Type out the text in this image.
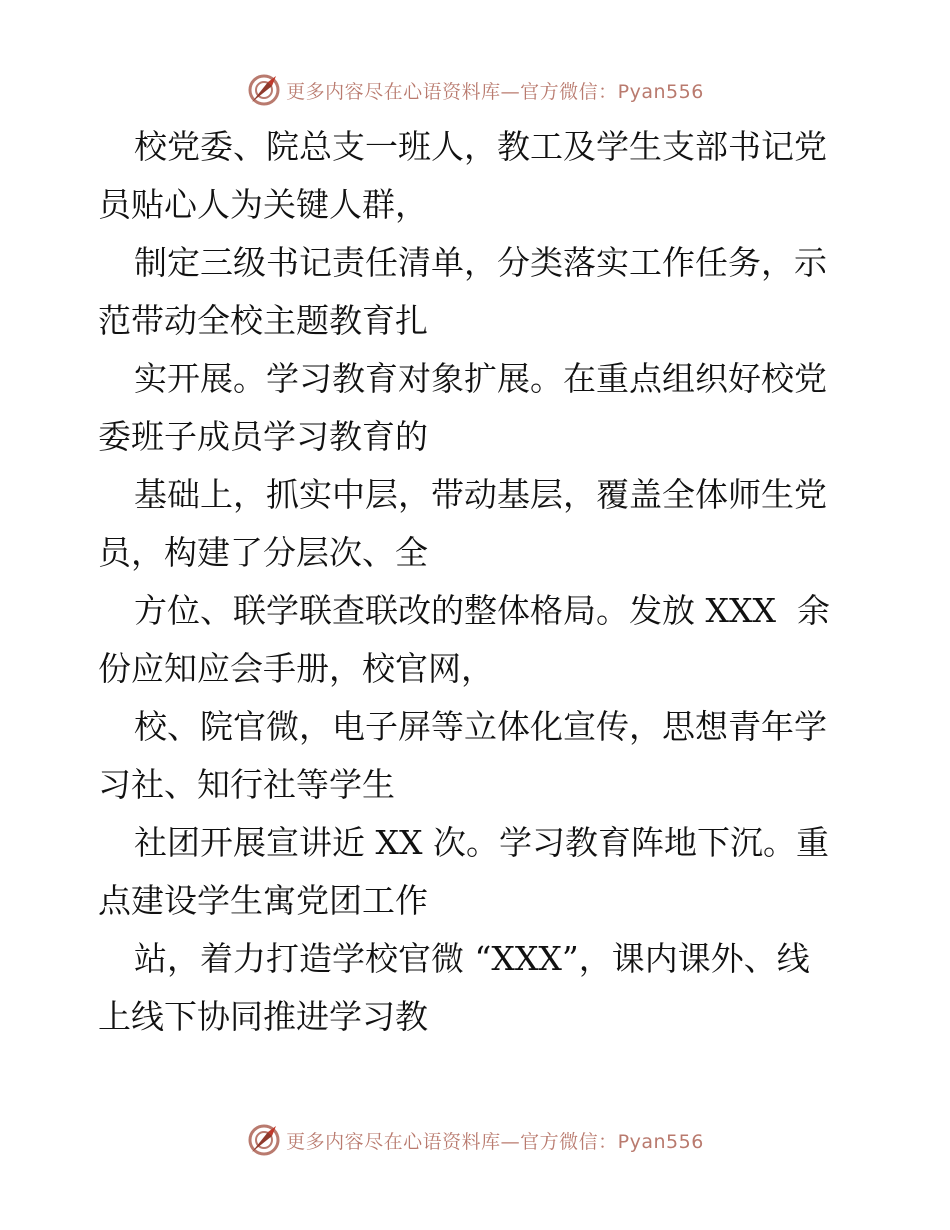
更多内容尽在心语资料库—官方微信：Pyan556
校党委、院总支一班人，教工及学生支部书记党
员贴心人为关键人群，
制定三级书记责任清单，分类落实工作任务，示
范带动全校主题教育扎
实开展。学习教育对象扩展。在重点组织好校党
委班子成员学习教育的
基础上，抓实中层，带动基层，覆盖全体师生党
员，构建了分层次、全
方位、联学联查联改的整体格局。发放 XXX  余
份应知应会手册，校官网，
校、院官微，电子屏等立体化宣传，思想青年学
习社、知行社等学生
社团开展宣讲近 XX 次。学习教育阵地下沉。重
点建设学生寓党团工作
站，着力打造学校官微 “XXX”，课内课外、线
上线下协同推进学习教
更多内容尽在心语资料库—官方微信：Pyan556
